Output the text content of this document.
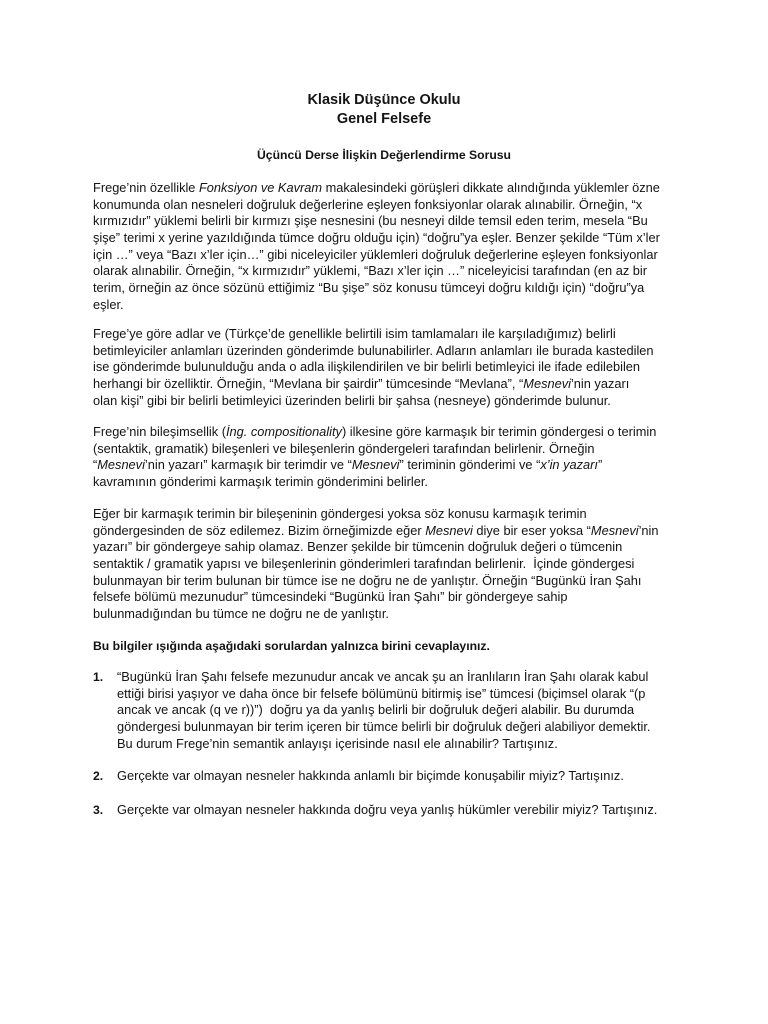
Klasik Düşünce Okulu
Genel Felsefe
Üçüncü Derse İlişkin Değerlendirme Sorusu
Frege’nin özellikle Fonksiyon ve Kavram makalesindeki görüşleri dikkate alındığında yüklemler özne
konumunda olan nesneleri doğruluk değerlerine eşleyen fonksiyonlar olarak alınabilir. Örneğin, “x
kırmızıdır” yüklemi belirli bir kırmızı şişe nesnesini (bu nesneyi dilde temsil eden terim, mesela “Bu
şişe” terimi x yerine yazıldığında tümce doğru olduğu için) “doğru”ya eşler. Benzer şekilde “Tüm x’ler
için …” veya “Bazı x’ler için…” gibi niceleyiciler yüklemleri doğruluk değerlerine eşleyen fonksiyonlar
olarak alınabilir. Örneğin, “x kırmızıdır” yüklemi, “Bazı x’ler için …” niceleyicisi tarafından (en az bir
terim, örneğin az önce sözünü ettiğimiz “Bu şişe” söz konusu tümceyi doğru kıldığı için) “doğru”ya
eşler.
Frege’ye göre adlar ve (Türkçe’de genellikle belirtili isim tamlamaları ile karşıladığımız) belirli
betimleyiciler anlamları üzerinden gönderimde bulunabilirler. Adların anlamları ile burada kastedilen
ise gönderimde bulunulduğu anda o adla ilişkilendirilen ve bir belirli betimleyici ile ifade edilebilen
herhangi bir özelliktir. Örneğin, “Mevlana bir şairdir” tümcesinde “Mevlana”, “Mesnevi’nin yazarı
olan kişi” gibi bir belirli betimleyici üzerinden belirli bir şahsa (nesneye) gönderimde bulunur.
Frege’nin bileşimsellik (İng. compositionality) ilkesine göre karmaşık bir terimin göndergesi o terimin
(sentaktik, gramatik) bileşenleri ve bileşenlerin göndergeleri tarafından belirlenir. Örneğin
“Mesnevi’nin yazarı” karmaşık bir terimdir ve “Mesnevi” teriminin gönderimi ve “x’in yazarı”
kavramının gönderimi karmaşık terimin gönderimini belirler.
Eğer bir karmaşık terimin bir bileşeninin göndergesi yoksa söz konusu karmaşık terimin
göndergesinden de söz edilemez. Bizim örneğimizde eğer Mesnevi diye bir eser yoksa “Mesnevi’nin
yazarı” bir göndergeye sahip olamaz. Benzer şekilde bir tümcenin doğruluk değeri o tümcenin
sentaktik / gramatik yapısı ve bileşenlerinin gönderimleri tarafından belirlenir.  İçinde göndergesi
bulunmayan bir terim bulunan bir tümce ise ne doğru ne de yanlıştır. Örneğin “Bugünkü İran Şahı
felsefe bölümü mezunudur” tümcesindeki “Bugünkü İran Şahı” bir göndergeye sahip
bulunmadığından bu tümce ne doğru ne de yanlıştır.
Bu bilgiler ışığında aşağıdaki sorulardan yalnızca birini cevaplayınız.
1. “Bugünkü İran Şahı felsefe mezunudur ancak ve ancak şu an İranlıların İran Şahı olarak kabul
ettiği birisi yaşıyor ve daha önce bir felsefe bölümünü bitirmiş ise” tümcesi (biçimsel olarak “(p
ancak ve ancak (q ve r))”)  doğru ya da yanlış belirli bir doğruluk değeri alabilir. Bu durumda
göndergesi bulunmayan bir terim içeren bir tümce belirli bir doğruluk değeri alabiliyor demektir.
Bu durum Frege’nin semantik anlayışı içerisinde nasıl ele alınabilir? Tartışınız.
2. Gerçekte var olmayan nesneler hakkında anlamlı bir biçimde konuşabilir miyiz? Tartışınız.
3. Gerçekte var olmayan nesneler hakkında doğru veya yanlış hükümler verebilir miyiz? Tartışınız.
